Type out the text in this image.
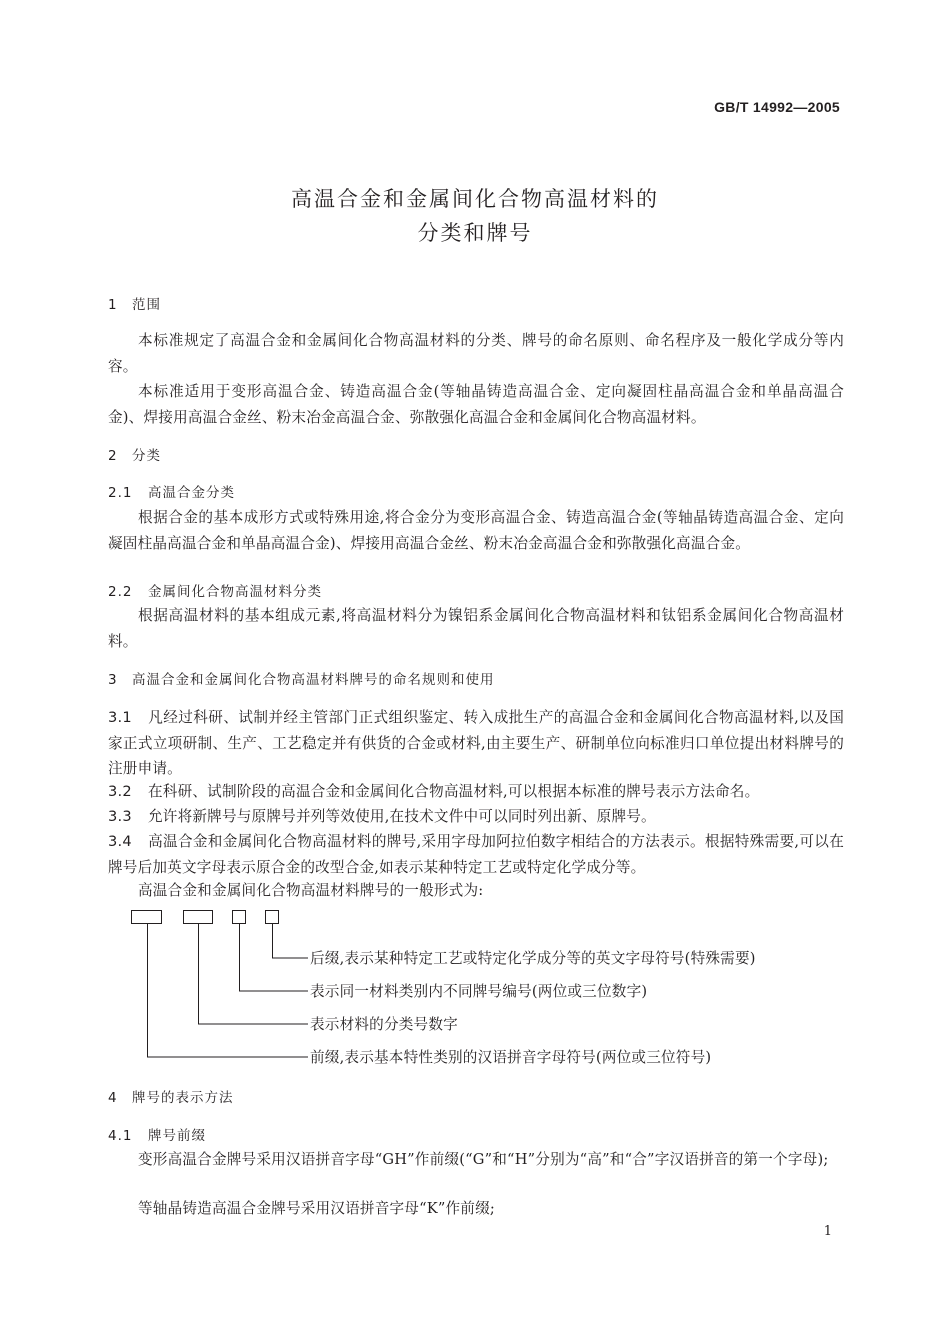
GB/T 14992—2005
高温合金和金属间化合物高温材料的
分类和牌号
1 范围
本标准规定了高温合金和金属间化合物高温材料的分类、牌号的命名原则、命名程序及一般化学成分等内容。
本标准适用于变形高温合金、铸造高温合金(等轴晶铸造高温合金、定向凝固柱晶高温合金和单晶高温合金)、焊接用高温合金丝、粉末冶金高温合金、弥散强化高温合金和金属间化合物高温材料。
2 分类
2.1 高温合金分类
根据合金的基本成形方式或特殊用途,将合金分为变形高温合金、铸造高温合金(等轴晶铸造高温合金、定向凝固柱晶高温合金和单晶高温合金)、焊接用高温合金丝、粉末冶金高温合金和弥散强化高温合金。
2.2 金属间化合物高温材料分类
根据高温材料的基本组成元素,将高温材料分为镍铝系金属间化合物高温材料和钛铝系金属间化合物高温材料。
3 高温合金和金属间化合物高温材料牌号的命名规则和使用
3.1 凡经过科研、试制并经主管部门正式组织鉴定、转入成批生产的高温合金和金属间化合物高温材料,以及国家正式立项研制、生产、工艺稳定并有供货的合金或材料,由主要生产、研制单位向标准归口单位提出材料牌号的注册申请。
3.2 在科研、试制阶段的高温合金和金属间化合物高温材料,可以根据本标准的牌号表示方法命名。
3.3 允许将新牌号与原牌号并列等效使用,在技术文件中可以同时列出新、原牌号。
3.4 高温合金和金属间化合物高温材料的牌号,采用字母加阿拉伯数字相结合的方法表示。根据特殊需要,可以在牌号后加英文字母表示原合金的改型合金,如表示某种特定工艺或特定化学成分等。
高温合金和金属间化合物高温材料牌号的一般形式为:
后缀,表示某种特定工艺或特定化学成分等的英文字母符号(特殊需要)
表示同一材料类别内不同牌号编号(两位或三位数字)
表示材料的分类号数字
前缀,表示基本特性类别的汉语拼音字母符号(两位或三位符号)
4 牌号的表示方法
4.1 牌号前缀
变形高温合金牌号采用汉语拼音字母“GH”作前缀(“G”和“H”分别为“高”和“合”字汉语拼音的第一个字母);
等轴晶铸造高温合金牌号采用汉语拼音字母“K”作前缀;
1
